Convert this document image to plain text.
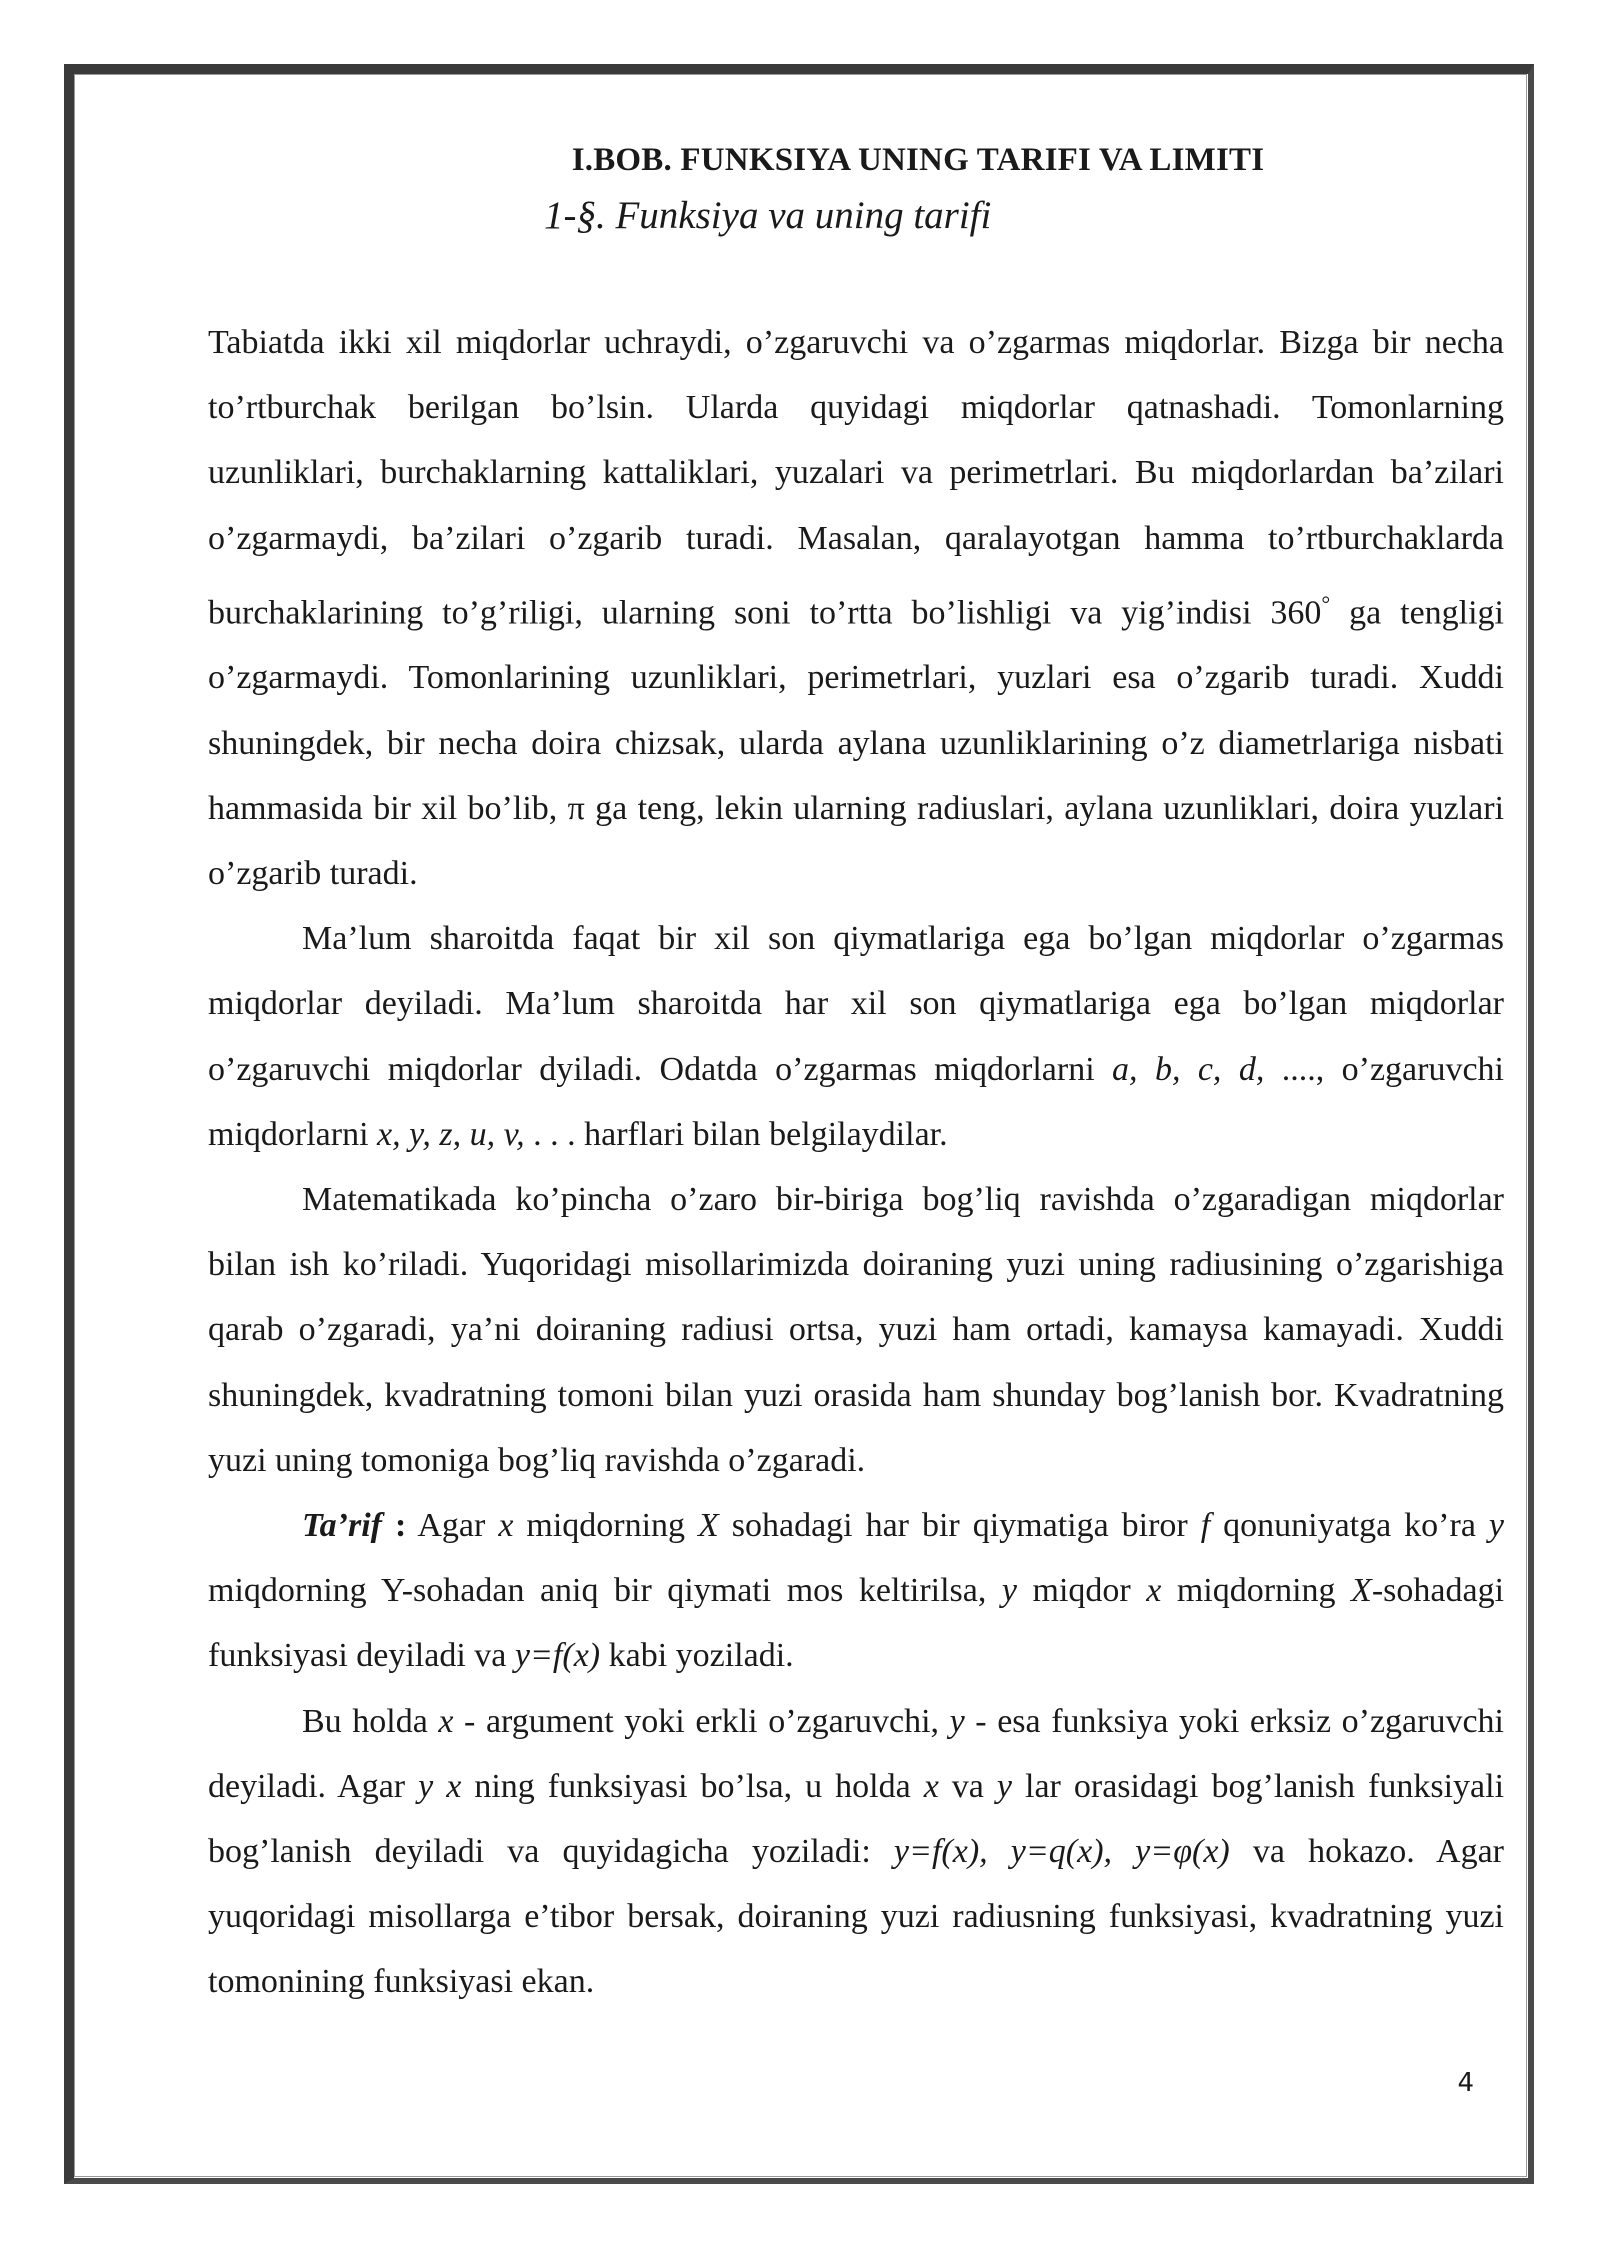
I.BOB. FUNKSIYA UNING TARIFI VA LIMITI
1-§. Funksiya va uning tarifi

Tabiatda ikki xil miqdorlar uchraydi, o’zgaruvchi va o’zgarmas miqdorlar. Bizga bir necha to’rtburchak berilgan bo’lsin. Ularda quyidagi miqdorlar qatnashadi. Tomonlarning uzunliklari, burchaklarning kattaliklari, yuzalari va perimetrlari. Bu miqdorlardan ba’zilari o’zgarmaydi, ba’zilari o’zgarib turadi. Masalan, qaralayotgan hamma to’rtburchaklarda burchaklarining to’g’riligi, ularning soni to’rtta bo’lishligi va yig’indisi 360° ga tengligi o’zgarmaydi. Tomonlarining uzunliklari, perimetrlari, yuzlari esa o’zgarib turadi. Xuddi shuningdek, bir necha doira chizsak, ularda aylana uzunliklarining o’z diametrlariga nisbati hammasida bir xil bo’lib, π ga teng, lekin ularning radiuslari, aylana uzunliklari, doira yuzlari o’zgarib turadi.

Ma’lum sharoitda faqat bir xil son qiymatlariga ega bo’lgan miqdorlar o’zgarmas miqdorlar deyiladi. Ma’lum sharoitda har xil son qiymatlariga ega bo’lgan miqdorlar o’zgaruvchi miqdorlar dyiladi. Odatda o’zgarmas miqdorlarni a, b, c, d, ...., o’zgaruvchi miqdorlarni x, y, z, u, v, . . . harflari bilan belgilaydilar.

Matematikada ko’pincha o’zaro bir-biriga bog’liq ravishda o’zgaradigan miqdorlar bilan ish ko’riladi. Yuqoridagi misollarimizda doiraning yuzi uning radiusining o’zgarishiga qarab o’zgaradi, ya’ni doiraning radiusi ortsa, yuzi ham ortadi, kamaysa kamayadi. Xuddi shuningdek, kvadratning tomoni bilan yuzi orasida ham shunday bog’lanish bor. Kvadratning yuzi uning tomoniga bog’liq ravishda o’zgaradi.

Ta’rif : Agar x miqdorning X sohadagi har bir qiymatiga biror f qonuniyatga ko’ra y miqdorning Y-sohadan aniq bir qiymati mos keltirilsa, y miqdor x miqdorning X-sohadagi funksiyasi deyiladi va y=f(x) kabi yoziladi.

Bu holda x - argument yoki erkli o’zgaruvchi, y - esa funksiya yoki erksiz o’zgaruvchi deyiladi. Agar y x ning funksiyasi bo’lsa, u holda x va y lar orasidagi bog’lanish funksiyali bog’lanish deyiladi va quyidagicha yoziladi: y=f(x), y=q(x), y=φ(x) va hokazo. Agar yuqoridagi misollarga e’tibor bersak, doiraning yuzi radiusning funksiyasi, kvadratning yuzi tomonining funksiyasi ekan.

4
